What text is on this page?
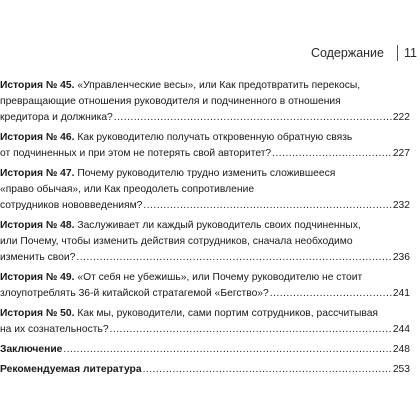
Содержание 11
История № 45. «Управленческие весы», или Как предотвратить перекосы,
превращающие отношения руководителя и подчиненного в отношения
кредитора и должника? . . .	222
История № 46. Как руководителю получать откровенную обратную связь
от подчиненных и при этом не потерять свой авторитет? . . .	227
История № 47. Почему руководителю трудно изменить сложившееся
«право обычая», или Как преодолеть сопротивление
сотрудников нововведениям? . . .	232
История № 48. Заслуживает ли каждый руководитель своих подчиненных,
или Почему, чтобы изменить действия сотрудников, сначала необходимо
изменить свои? . . .	236
История № 49. «От себя не убежишь», или Почему руководителю не стоит
злоупотреблять 36-й китайской стратагемой «Бегство»? . . .	241
История № 50. Как мы, руководители, сами портим сотрудников, рассчитывая
на их сознательность? . . .	244
Заключение . . .	248
Рекомендуемая литература . . .	253
